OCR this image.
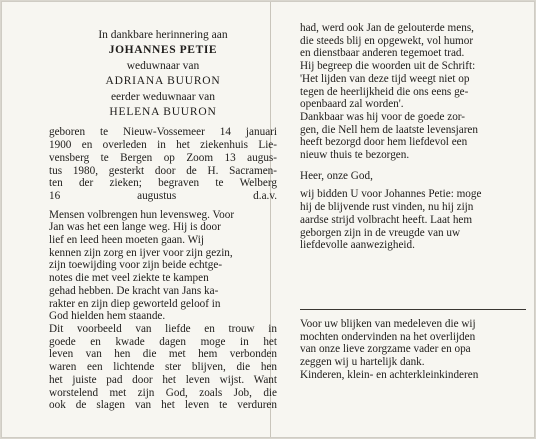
In dankbare herinnering aan
JOHANNES PETIE
weduwnaar van
ADRIANA BUURON
eerder weduwnaar van
HELENA BUURON

geboren te Nieuw-Vossemeer 14 januari
1900 en overleden in het ziekenhuis Lie-
vensberg te Bergen op Zoom 13 augus-
tus 1980, gesterkt door de H. Sacramen-
ten der zieken; begraven te Welberg
16 augustus d.a.v.

Mensen volbrengen hun levensweg. Voor
Jan was het een lange weg. Hij is door
lief en leed heen moeten gaan. Wij
kennen zijn zorg en ijver voor zijn gezin,
zijn toewijding voor zijn beide echtge-
notes die met veel ziekte te kampen
gehad hebben. De kracht van Jans ka-
rakter en zijn diep geworteld geloof in
God hielden hem staande.

Dit voorbeeld van liefde en trouw in
goede en kwade dagen moge in het
leven van hen die met hem verbonden
waren een lichtende ster blijven, die hen
het juiste pad door het leven wijst. Want
worstelend met zijn God, zoals Job, die
ook de slagen van het leven te verduren

had, werd ook Jan de gelouterde mens,
die steeds blij en opgewekt, vol humor
en dienstbaar anderen tegemoet trad.
Hij begreep die woorden uit de Schrift:
'Het lijden van deze tijd weegt niet op
tegen de heerlijkheid die ons eens ge-
openbaard zal worden'.

Dankbaar was hij voor de goede zor-
gen, die Nell hem de laatste levensjaren
heeft bezorgd door hem liefdevol een
nieuw thuis te bezorgen.

Heer, onze God,

wij bidden U voor Johannes Petie: moge
hij de blijvende rust vinden, nu hij zijn
aardse strijd volbracht heeft. Laat hem
geborgen zijn in de vreugde van uw
liefdevolle aanwezigheid.

Voor uw blijken van medeleven die wij
mochten ondervinden na het overlijden
van onze lieve zorgzame vader en opa
zeggen wij u hartelijk dank.

Kinderen, klein- en achterkleinkinderen
